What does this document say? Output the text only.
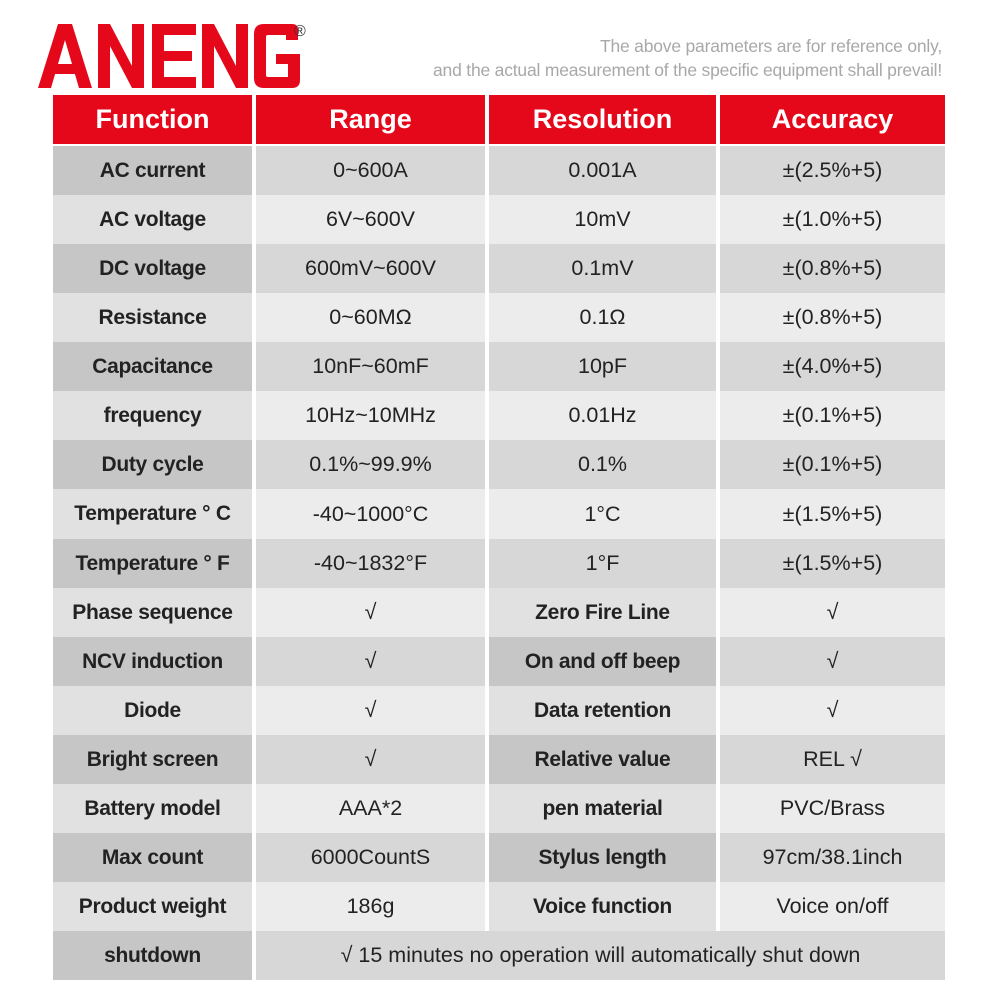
®
The above parameters are for reference only,
and the actual measurement of the specific equipment shall prevail!
Function	Range	Resolution	Accuracy
AC current	0~600A	0.001A	±(2.5%+5)
AC voltage	6V~600V	10mV	±(1.0%+5)
DC voltage	600mV~600V	0.1mV	±(0.8%+5)
Resistance	0~60MΩ	0.1Ω	±(0.8%+5)
Capacitance	10nF~60mF	10pF	±(4.0%+5)
frequency	10Hz~10MHz	0.01Hz	±(0.1%+5)
Duty cycle	0.1%~99.9%	0.1%	±(0.1%+5)
Temperature ° C	-40~1000°C	1°C	±(1.5%+5)
Temperature ° F	-40~1832°F	1°F	±(1.5%+5)
Phase sequence	√	Zero Fire Line	√
NCV induction	√	On and off beep	√
Diode	√	Data retention	√
Bright screen	√	Relative value	REL √
Battery model	AAA*2	pen material	PVC/Brass
Max count	6000CountS	Stylus length	97cm/38.1inch
Product weight	186g	Voice function	Voice on/off
shutdown	√ 15 minutes no operation will automatically shut down
